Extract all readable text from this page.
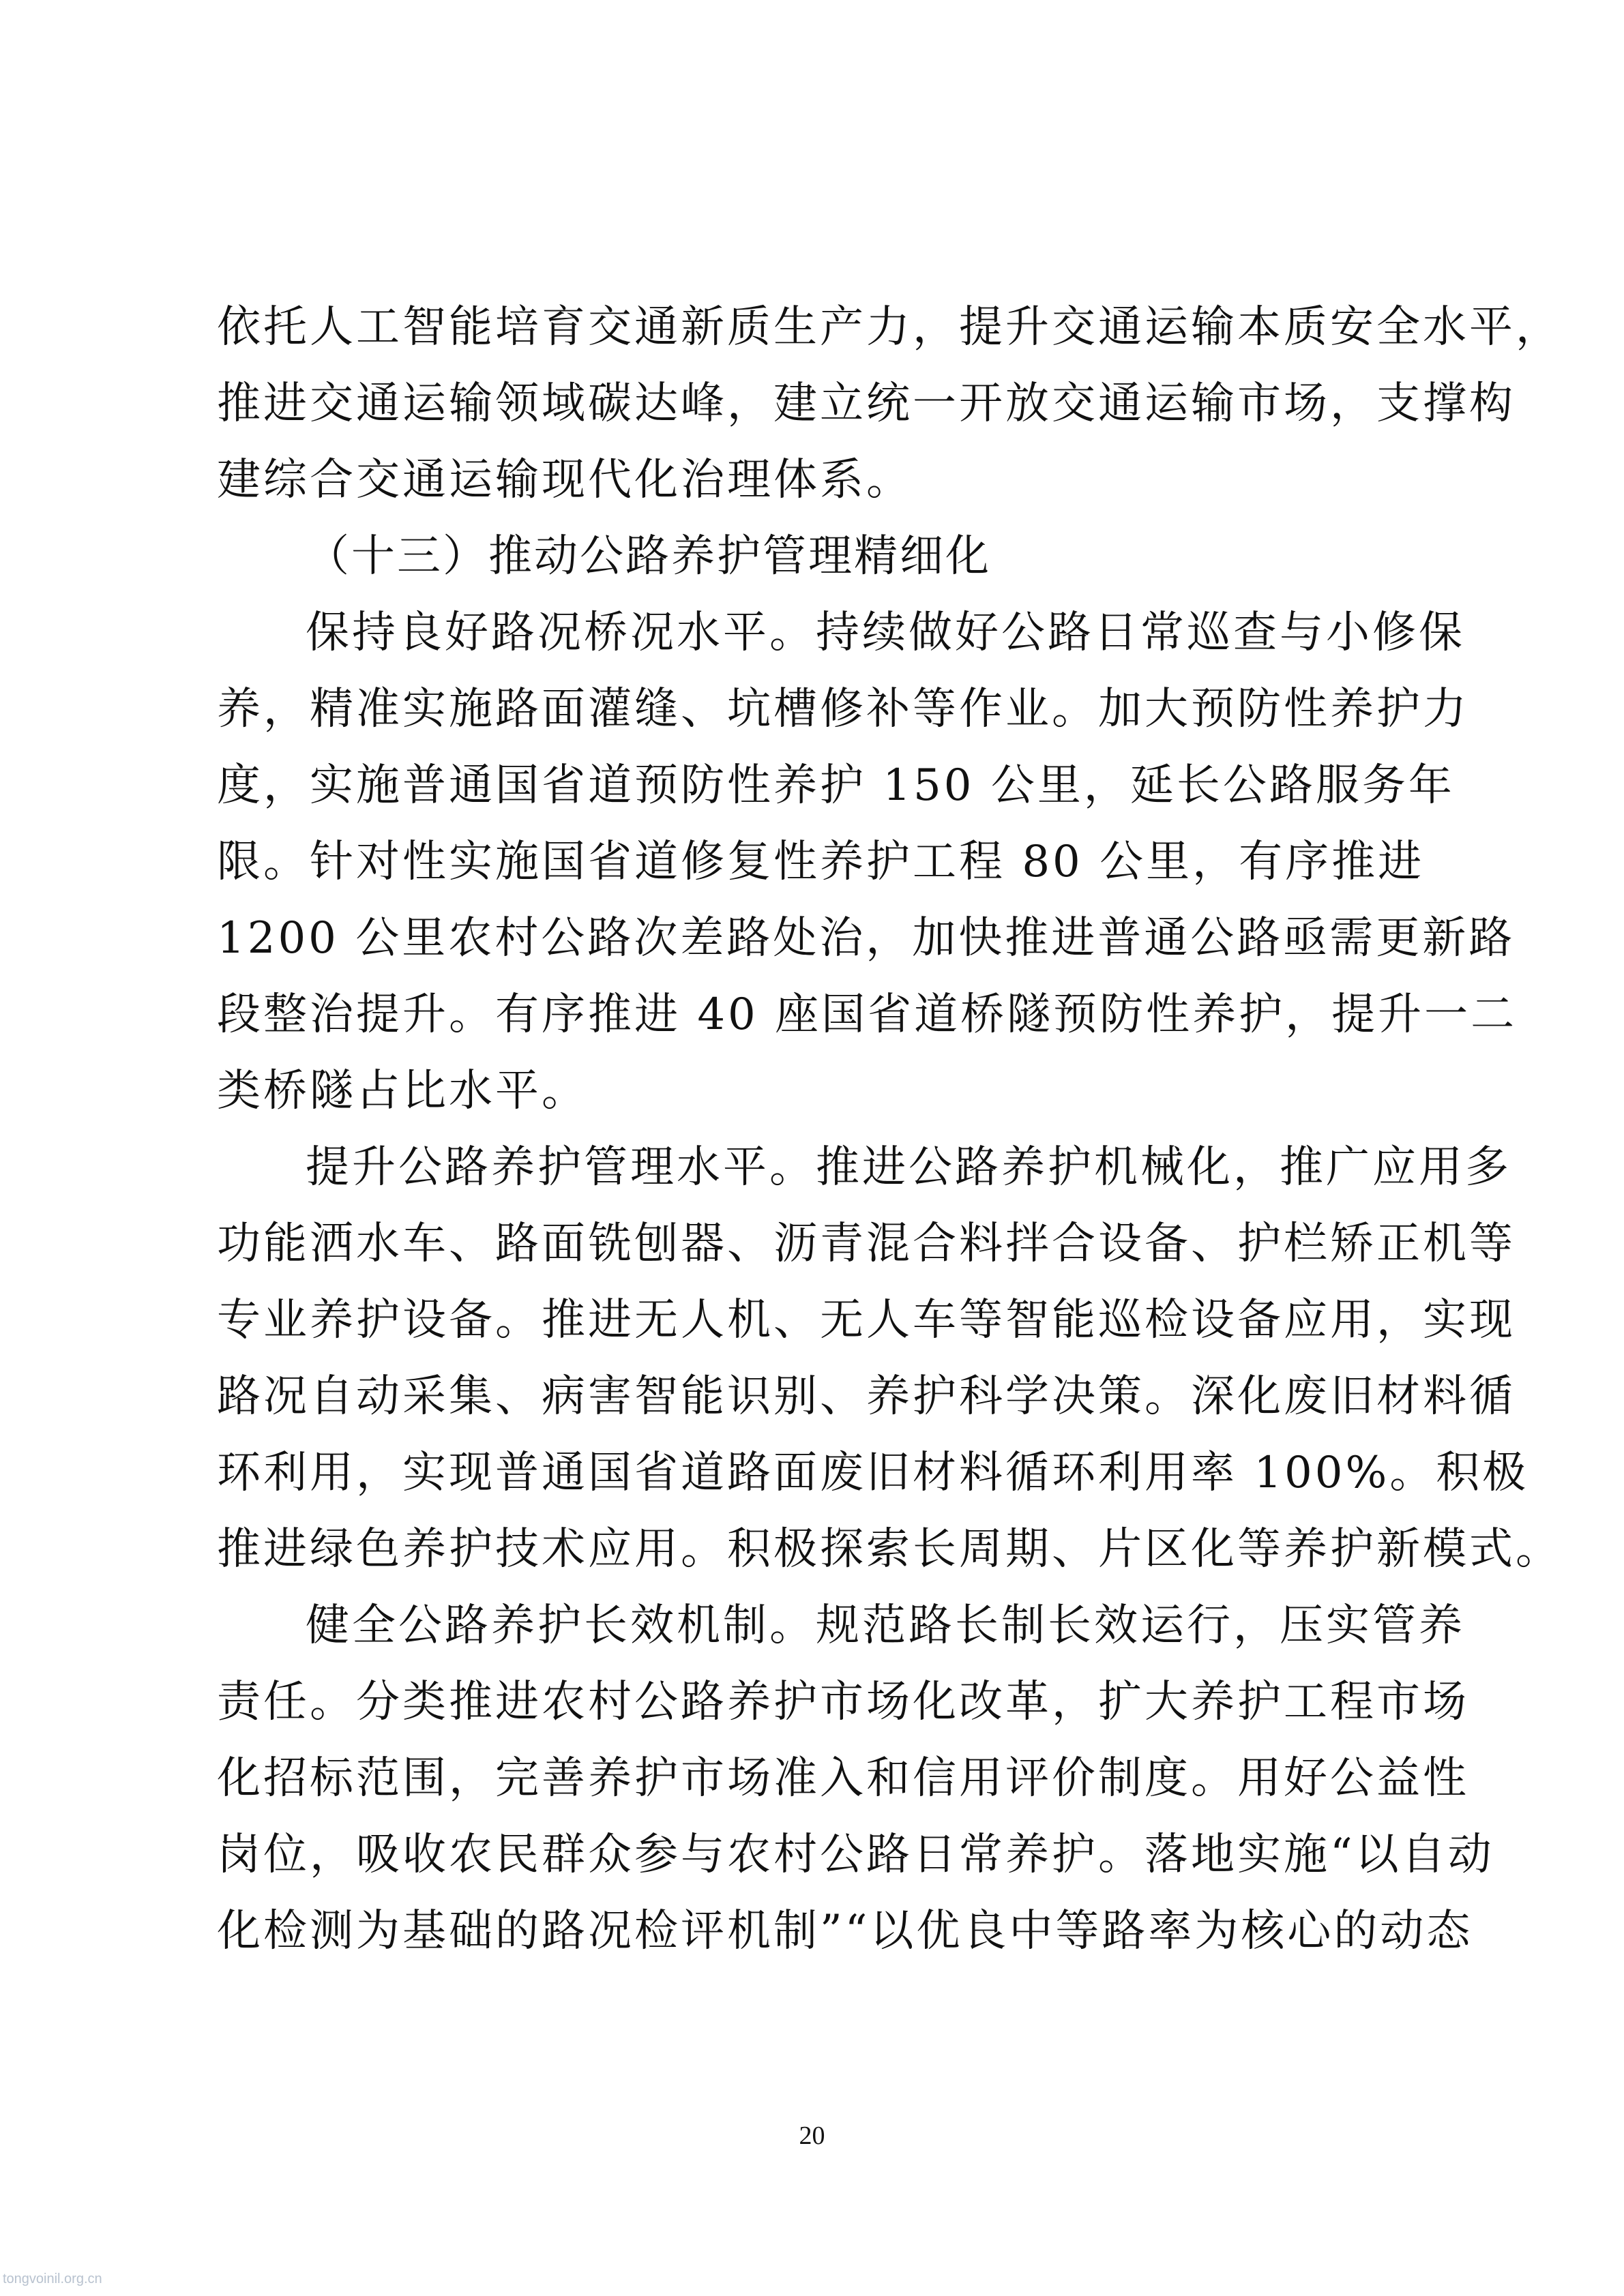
依托人工智能培育交通新质生产力，提升交通运输本质安全水平，
推进交通运输领域碳达峰，建立统一开放交通运输市场，支撑构
建综合交通运输现代化治理体系。
（十三）推动公路养护管理精细化
保持良好路况桥况水平。持续做好公路日常巡查与小修保
养，精准实施路面灌缝、坑槽修补等作业。加大预防性养护力
度，实施普通国省道预防性养护 150 公里，延长公路服务年
限。针对性实施国省道修复性养护工程 80 公里，有序推进
1200 公里农村公路次差路处治，加快推进普通公路亟需更新路
段整治提升。有序推进 40 座国省道桥隧预防性养护，提升一二
类桥隧占比水平。
提升公路养护管理水平。推进公路养护机械化，推广应用多
功能洒水车、路面铣刨器、沥青混合料拌合设备、护栏矫正机等
专业养护设备。推进无人机、无人车等智能巡检设备应用，实现
路况自动采集、病害智能识别、养护科学决策。深化废旧材料循
环利用，实现普通国省道路面废旧材料循环利用率 100%。积极
推进绿色养护技术应用。积极探索长周期、片区化等养护新模式。
健全公路养护长效机制。规范路长制长效运行，压实管养
责任。分类推进农村公路养护市场化改革，扩大养护工程市场
化招标范围，完善养护市场准入和信用评价制度。用好公益性
岗位，吸收农民群众参与农村公路日常养护。落地实施“以自动
化检测为基础的路况检评机制”“以优良中等路率为核心的动态
20
tongvoinil.org.cn
